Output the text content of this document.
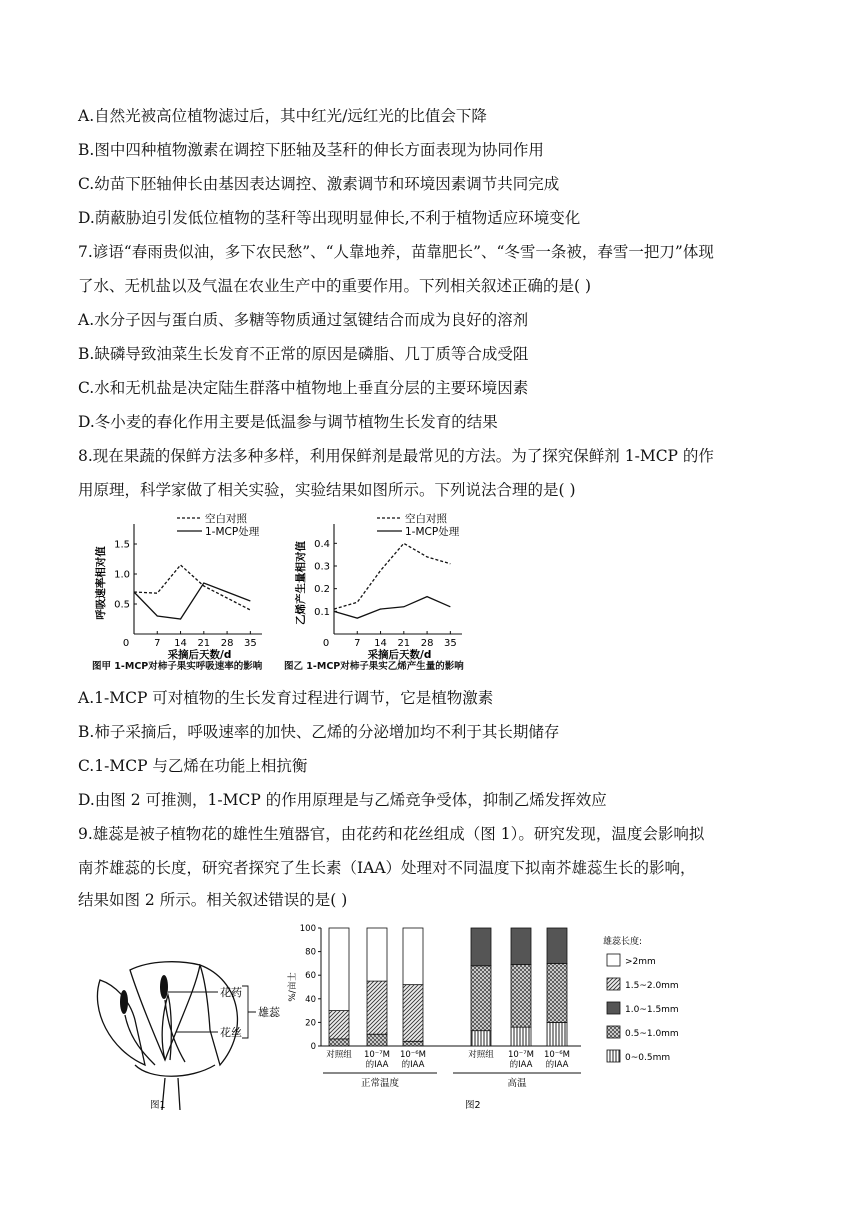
A.自然光被高位植物滤过后，其中红光/远红光的比值会下降
B.图中四种植物激素在调控下胚轴及茎秆的伸长方面表现为协同作用
C.幼苗下胚轴伸长由基因表达调控、激素调节和环境因素调节共同完成
D.荫蔽胁迫引发低位植物的茎秆等出现明显伸长,不利于植物适应环境变化
7.谚语“春雨贵似油，多下农民愁”、“人靠地养，苗靠肥长”、“冬雪一条被，春雪一把刀”体现
了水、无机盐以及气温在农业生产中的重要作用。下列相关叙述正确的是( )
A.水分子因与蛋白质、多糖等物质通过氢键结合而成为良好的溶剂
B.缺磷导致油菜生长发育不正常的原因是磷脂、几丁质等合成受阻
C.水和无机盐是决定陆生群落中植物地上垂直分层的主要环境因素
D.冬小麦的春化作用主要是低温参与调节植物生长发育的结果
8.现在果蔬的保鲜方法多种多样，利用保鲜剂是最常见的方法。为了探究保鲜剂 1-MCP 的作
用原理，科学家做了相关实验，实验结果如图所示。下列说法合理的是( )
0.5
1.0
1.5
0 7 14 21 28 35
采摘后天数/d
呼吸速率相对值
空白对照
1-MCP处理
图甲 1-MCP对柿子果实呼吸速率的影响
0.1
0.2
0.3
0.4
0 7 14 21 28 35
采摘后天数/d
乙烯产生量相对值
空白对照
1-MCP处理
图乙 1-MCP对柿子果实乙烯产生量的影响
A.1-MCP 可对植物的生长发育过程进行调节，它是植物激素
B.柿子采摘后，呼吸速率的加快、乙烯的分泌增加均不利于其长期储存
C.1-MCP 与乙烯在功能上相抗衡
D.由图 2 可推测，1-MCP 的作用原理是与乙烯竞争受体，抑制乙烯发挥效应
9.雄蕊是被子植物花的雄性生殖器官，由花药和花丝组成（图 1）。研究发现，温度会影响拟
南芥雄蕊的长度，研究者探究了生长素（IAA）处理对不同温度下拟南芥雄蕊生长的影响，
结果如图 2 所示。相关叙述错误的是( )
花药
花丝
雄蕊
图1
0
20
40
60
80
100
%/亩士
对照组 10⁻⁷M
的IAA
10⁻⁶M
的IAA
对照组 10⁻⁷M
的IAA
10⁻⁶M
的IAA
正常温度	高温
图2
雄蕊长度:
>2mm
1.5~2.0mm
1.0~1.5mm
0.5~1.0mm
0~0.5mm
